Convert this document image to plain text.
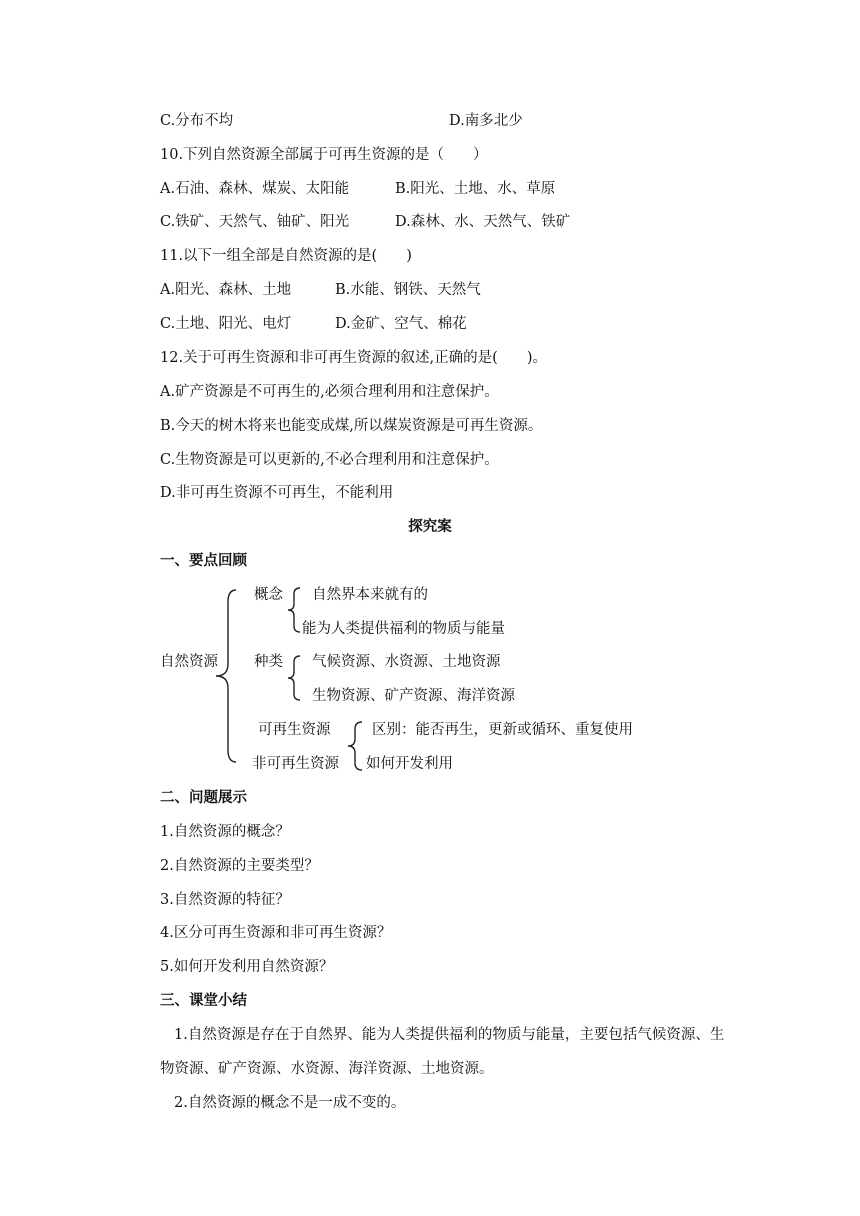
C.分布不均	D.南多北少
10.下列自然资源全部属于可再生资源的是（　　）
A.石油、森林、煤炭、太阳能	B.阳光、土地、水、草原
C.铁矿、天然气、铀矿、阳光	D.森林、水、天然气、铁矿
11.以下一组全部是自然资源的是(　　)
A.阳光、森林、土地	B.水能、钢铁、天然气
C.土地、阳光、电灯	D.金矿、空气、棉花
12.关于可再生资源和非可再生资源的叙述,正确的是(　　)。
A.矿产资源是不可再生的,必须合理利用和注意保护。
B.今天的树木将来也能变成煤,所以煤炭资源是可再生资源。
C.生物资源是可以更新的,不必合理利用和注意保护。
D.非可再生资源不可再生，不能利用
探究案
一、要点回顾
自然资源
概念 自然界本来就有的
能为人类提供福利的物质与能量
种类 气候资源、水资源、土地资源
生物资源、矿产资源、海洋资源
可再生资源
非可再生资源
区别：能否再生，更新或循环、重复使用
如何开发利用
二、问题展示
1.自然资源的概念？
2.自然资源的主要类型？
3.自然资源的特征？
4.区分可再生资源和非可再生资源？
5.如何开发利用自然资源？
三、课堂小结
1.自然资源是存在于自然界、能为人类提供福利的物质与能量，主要包括气候资源、生
物资源、矿产资源、水资源、海洋资源、土地资源。
2.自然资源的概念不是一成不变的。
